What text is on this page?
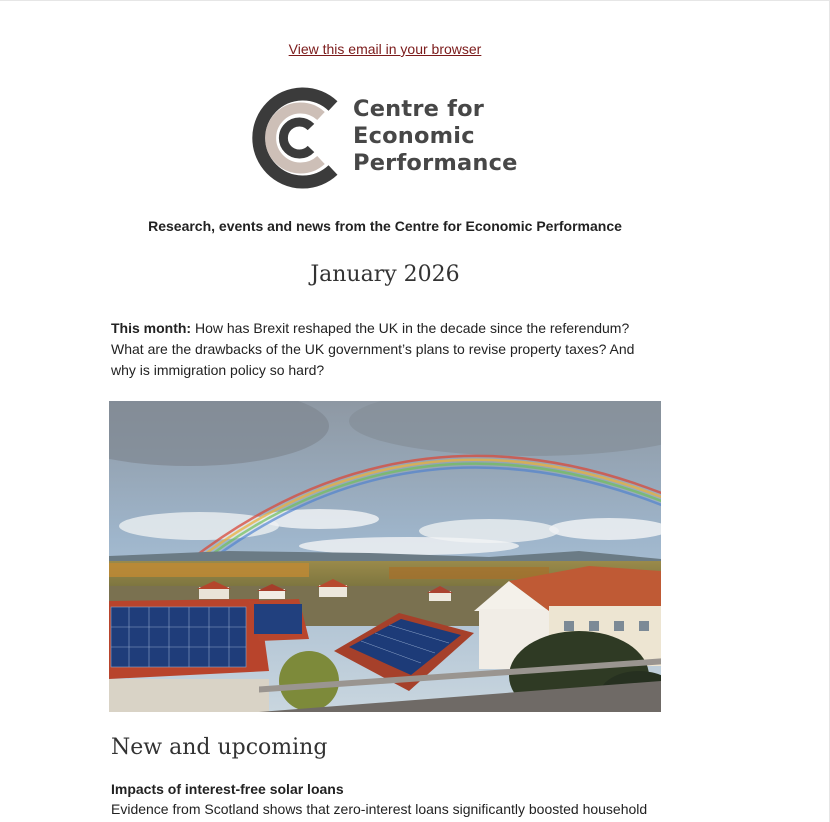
View this email in your browser
Centre for
Economic
Performance
Research, events and news from the Centre for Economic Performance
January 2026
This month: How has Brexit reshaped the UK in the decade since the referendum? What are the drawbacks of the UK government’s plans to revise property taxes? And why is immigration policy so hard?
New and upcoming
Impacts of interest-free solar loans
Evidence from Scotland shows that zero-interest loans significantly boosted household
